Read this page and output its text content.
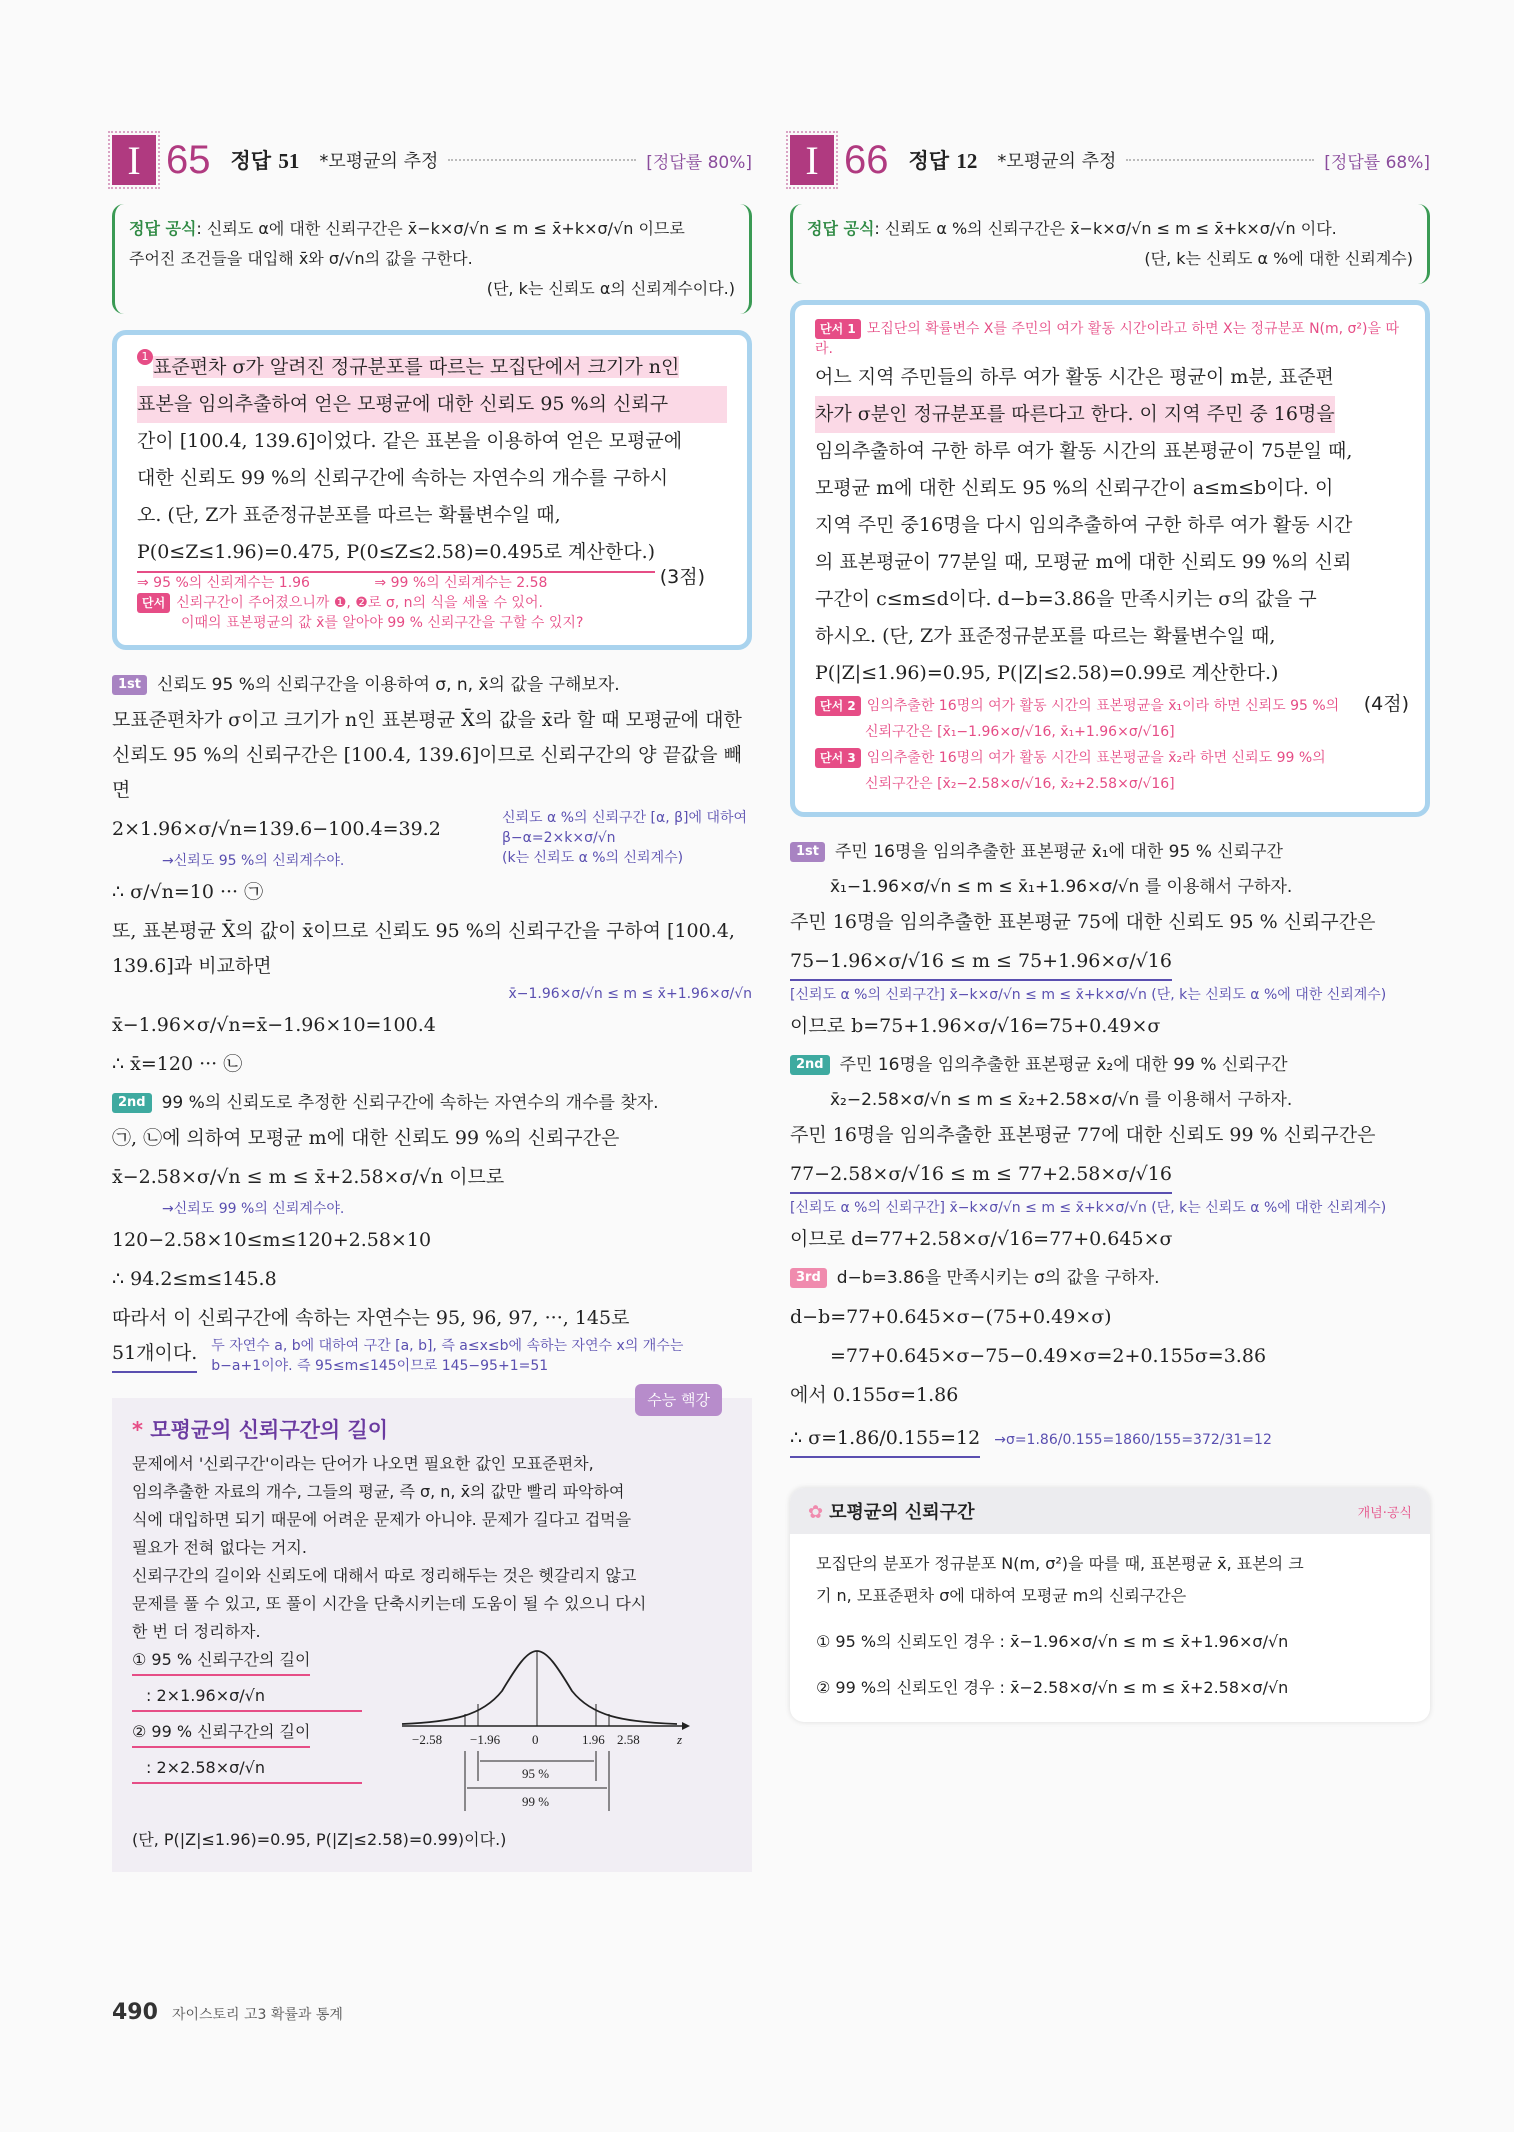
I 65 정답 51 *모평균의 추정	[정답률 80%]
정답 공식: 신뢰도 α에 대한 신뢰구간은 x̄−k×σ/√n ≤ m ≤ x̄+k×σ/√n 이므로
주어진 조건들을 대입해 x̄와 σ/√n의 값을 구한다.
(단, k는 신뢰도 α의 신뢰계수이다.)
1 표준편차 σ가 알려진 정규분포를 따르는 모집단에서 크기가 n인
표본을 임의추출하여 얻은 모평균에 대한 신뢰도 95 %의 신뢰구
간이 [100.4, 139.6]이었다. 같은 표본을 이용하여 얻은 모평균에
대한 신뢰도 99 %의 신뢰구간에 속하는 자연수의 개수를 구하시
오. (단, Z가 표준정규분포를 따르는 확률변수일 때,
P(0≤Z≤1.96)=0.475, P(0≤Z≤2.58)=0.495로 계산한다.)
⇒ 95 %의 신뢰계수는 1.96	⇒ 99 %의 신뢰계수는 2.58	(3점)
단서 신뢰구간이 주어졌으니까 ❶, ❷로 σ, n의 식을 세울 수 있어.
이때의 표본평균의 값 x̄를 알아야 99 % 신뢰구간을 구할 수 있지?
1st 신뢰도 95 %의 신뢰구간을 이용하여 σ, n, x̄의 값을 구해보자.
모표준편차가 σ이고 크기가 n인 표본평균 X̄의 값을 x̄라 할 때 모평균에 대한 신뢰도 95 %의 신뢰구간은 [100.4, 139.6]이므로 신뢰구간의 양 끝값을 빼면
2×1.96×σ/√n=139.6−100.4=39.2
→신뢰도 95 %의 신뢰계수야.
∴ σ/√n=10 ··· ㉠
신뢰도 α %의 신뢰구간 [α, β]에 대하여
β−α=2×k×σ/√n
(k는 신뢰도 α %의 신뢰계수)
또, 표본평균 X̄의 값이 x̄이므로 신뢰도 95 %의 신뢰구간을 구하여 [100.4, 139.6]과 비교하면
x̄−1.96×σ/√n ≤ m ≤ x̄+1.96×σ/√n
x̄−1.96×σ/√n=x̄−1.96×10=100.4
∴ x̄=120 ··· ㉡
2nd 99 %의 신뢰도로 추정한 신뢰구간에 속하는 자연수의 개수를 찾자.
㉠, ㉡에 의하여 모평균 m에 대한 신뢰도 99 %의 신뢰구간은
x̄−2.58×σ/√n ≤ m ≤ x̄+2.58×σ/√n 이므로
→신뢰도 99 %의 신뢰계수야.
120−2.58×10≤m≤120+2.58×10
∴ 94.2≤m≤145.8
따라서 이 신뢰구간에 속하는 자연수는 95, 96, 97, ···, 145로
51개이다. 두 자연수 a, b에 대하여 구간 [a, b], 즉 a≤x≤b에 속하는 자연수 x의 개수는
b−a+1이야. 즉 95≤m≤145이므로 145−95+1=51
수능 핵강
* 모평균의 신뢰구간의 길이
문제에서 '신뢰구간'이라는 단어가 나오면 필요한 값인 모표준편차,
임의추출한 자료의 개수, 그들의 평균, 즉 σ, n, x̄의 값만 빨리 파악하여
식에 대입하면 되기 때문에 어려운 문제가 아니야. 문제가 길다고 겁먹을
필요가 전혀 없다는 거지.
신뢰구간의 길이와 신뢰도에 대해서 따로 정리해두는 것은 헷갈리지 않고
문제를 풀 수 있고, 또 풀이 시간을 단축시키는데 도움이 될 수 있으니 다시
한 번 더 정리하자.
① 95 % 신뢰구간의 길이
: 2×1.96×σ/√n
② 99 % 신뢰구간의 길이
: 2×2.58×σ/√n
−2.58 −1.96 0	1.96 2.58	z
95 %
99 %
(단, P(|Z|≤1.96)=0.95, P(|Z|≤2.58)=0.99)이다.)
I 66 정답 12 *모평균의 추정	[정답률 68%]
정답 공식: 신뢰도 α %의 신뢰구간은 x̄−k×σ/√n ≤ m ≤ x̄+k×σ/√n 이다.
(단, k는 신뢰도 α %에 대한 신뢰계수)
단서 1 모집단의 확률변수 X를 주민의 여가 활동 시간이라고 하면 X는 정규분포 N(m, σ²)을 따라.
어느 지역 주민들의 하루 여가 활동 시간은 평균이 m분, 표준편
차가 σ분인 정규분포를 따른다고 한다. 이 지역 주민 중 16명을
임의추출하여 구한 하루 여가 활동 시간의 표본평균이 75분일 때,
모평균 m에 대한 신뢰도 95 %의 신뢰구간이 a≤m≤b이다. 이
지역 주민 중16명을 다시 임의추출하여 구한 하루 여가 활동 시간
의 표본평균이 77분일 때, 모평균 m에 대한 신뢰도 99 %의 신뢰
구간이 c≤m≤d이다. d−b=3.86을 만족시키는 σ의 값을 구
하시오. (단, Z가 표준정규분포를 따르는 확률변수일 때,
P(|Z|≤1.96)=0.95, P(|Z|≤2.58)=0.99로 계산한다.)
단서 2 임의추출한 16명의 여가 활동 시간의 표본평균을 x̄₁이라 하면 신뢰도 95 %의 (4점)
신뢰구간은 [x̄₁−1.96×σ/√16, x̄₁+1.96×σ/√16]
단서 3 임의추출한 16명의 여가 활동 시간의 표본평균을 x̄₂라 하면 신뢰도 99 %의
신뢰구간은 [x̄₂−2.58×σ/√16, x̄₂+2.58×σ/√16]
1st 주민 16명을 임의추출한 표본평균 x̄₁에 대한 95 % 신뢰구간
x̄₁−1.96×σ/√n ≤ m ≤ x̄₁+1.96×σ/√n 를 이용해서 구하자.
주민 16명을 임의추출한 표본평균 75에 대한 신뢰도 95 % 신뢰구간은
75−1.96×σ/√16 ≤ m ≤ 75+1.96×σ/√16
[신뢰도 α %의 신뢰구간] x̄−k×σ/√n ≤ m ≤ x̄+k×σ/√n (단, k는 신뢰도 α %에 대한 신뢰계수)
이므로 b=75+1.96×σ/√16=75+0.49×σ
2nd 주민 16명을 임의추출한 표본평균 x̄₂에 대한 99 % 신뢰구간
x̄₂−2.58×σ/√n ≤ m ≤ x̄₂+2.58×σ/√n 를 이용해서 구하자.
주민 16명을 임의추출한 표본평균 77에 대한 신뢰도 99 % 신뢰구간은
77−2.58×σ/√16 ≤ m ≤ 77+2.58×σ/√16
[신뢰도 α %의 신뢰구간] x̄−k×σ/√n ≤ m ≤ x̄+k×σ/√n (단, k는 신뢰도 α %에 대한 신뢰계수)
이므로 d=77+2.58×σ/√16=77+0.645×σ
3rd d−b=3.86을 만족시키는 σ의 값을 구하자.
d−b=77+0.645×σ−(75+0.49×σ)
=77+0.645×σ−75−0.49×σ=2+0.155σ=3.86
에서 0.155σ=1.86
∴ σ=1.86/0.155=12 →σ=1.86/0.155=1860/155=372/31=12
✿ 모평균의 신뢰구간	개념·공식
모집단의 분포가 정규분포 N(m, σ²)을 따를 때, 표본평균 x̄, 표본의 크
기 n, 모표준편차 σ에 대하여 모평균 m의 신뢰구간은
① 95 %의 신뢰도인 경우 : x̄−1.96×σ/√n ≤ m ≤ x̄+1.96×σ/√n
② 99 %의 신뢰도인 경우 : x̄−2.58×σ/√n ≤ m ≤ x̄+2.58×σ/√n
490 자이스토리 고3 확률과 통계
